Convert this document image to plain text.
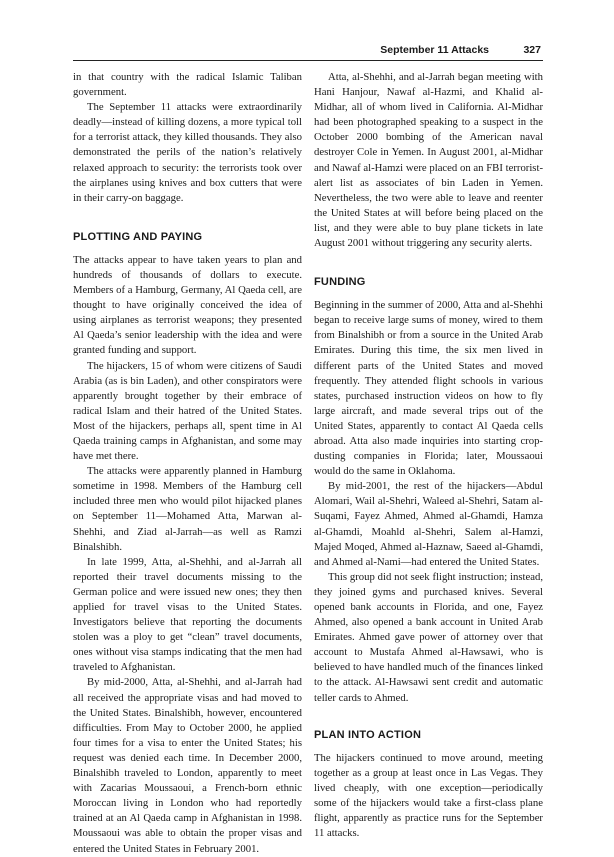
September 11 Attacks	327

in that country with the radical Islamic Taliban government.

The September 11 attacks were extraordinarily deadly—instead of killing dozens, a more typical toll for a terrorist attack, they killed thousands. They also demonstrated the perils of the nation’s relatively relaxed approach to security: the terrorists took over the airplanes using knives and box cutters that were in their carry-on baggage.

PLOTTING AND PAYING

The attacks appear to have taken years to plan and hundreds of thousands of dollars to execute. Members of a Hamburg, Germany, Al Qaeda cell, are thought to have originally conceived the idea of using airplanes as terrorist weapons; they presented Al Qaeda’s senior leadership with the idea and were granted funding and support.

The hijackers, 15 of whom were citizens of Saudi Arabia (as is bin Laden), and other conspirators were apparently brought together by their embrace of radical Islam and their hatred of the United States. Most of the hijackers, perhaps all, spent time in Al Qaeda training camps in Afghanistan, and some may have met there.

The attacks were apparently planned in Hamburg sometime in 1998. Members of the Hamburg cell included three men who would pilot hijacked planes on September 11—Mohamed Atta, Marwan al-Shehhi, and Ziad al-Jarrah—as well as Ramzi Binalshibh.

In late 1999, Atta, al-Shehhi, and al-Jarrah all reported their travel documents missing to the German police and were issued new ones; they then applied for travel visas to the United States. Investigators believe that reporting the documents stolen was a ploy to get “clean” travel documents, ones without visa stamps indicating that the men had traveled to Afghanistan.

By mid-2000, Atta, al-Shehhi, and al-Jarrah had all received the appropriate visas and had moved to the United States. Binalshibh, however, encountered difficulties. From May to October 2000, he applied four times for a visa to enter the United States; his request was denied each time. In December 2000, Binalshibh traveled to London, apparently to meet with Zacarias Moussaoui, a French-born ethnic Moroccan living in London who had reportedly trained at an Al Qaeda camp in Afghanistan in 1998. Moussaoui was able to obtain the proper visas and entered the United States in February 2001.

Atta, al-Shehhi, and al-Jarrah began meeting with Hani Hanjour, Nawaf al-Hazmi, and Khalid al-Midhar, all of whom lived in California. Al-Midhar had been photographed speaking to a suspect in the October 2000 bombing of the American naval destroyer Cole in Yemen. In August 2001, al-Midhar and Nawaf al-Hamzi were placed on an FBI terrorist-alert list as associates of bin Laden in Yemen. Nevertheless, the two were able to leave and reenter the United States at will before being placed on the list, and they were able to buy plane tickets in late August 2001 without triggering any security alerts.

FUNDING

Beginning in the summer of 2000, Atta and al-Shehhi began to receive large sums of money, wired to them from Binalshibh or from a source in the United Arab Emirates. During this time, the six men lived in different parts of the United States and moved frequently. They attended flight schools in various states, purchased instruction videos on how to fly large aircraft, and made several trips out of the United States, apparently to contact Al Qaeda cells abroad. Atta also made inquiries into starting crop-dusting companies in Florida; later, Moussaoui would do the same in Oklahoma.

By mid-2001, the rest of the hijackers—Abdul Alomari, Wail al-Shehri, Waleed al-Shehri, Satam al-Suqami, Fayez Ahmed, Ahmed al-Ghamdi, Hamza al-Ghamdi, Moahld al-Shehri, Salem al-Hamzi, Majed Moqed, Ahmed al-Haznaw, Saeed al-Ghamdi, and Ahmed al-Nami—had entered the United States.

This group did not seek flight instruction; instead, they joined gyms and purchased knives. Several opened bank accounts in Florida, and one, Fayez Ahmed, also opened a bank account in United Arab Emirates. Ahmed gave power of attorney over that account to Mustafa Ahmed al-Hawsawi, who is believed to have handled much of the finances linked to the attack. Al-Hawsawi sent credit and automatic teller cards to Ahmed.

PLAN INTO ACTION

The hijackers continued to move around, meeting together as a group at least once in Las Vegas. They lived cheaply, with one exception—periodically some of the hijackers would take a first-class plane flight, apparently as practice runs for the September 11 attacks.
